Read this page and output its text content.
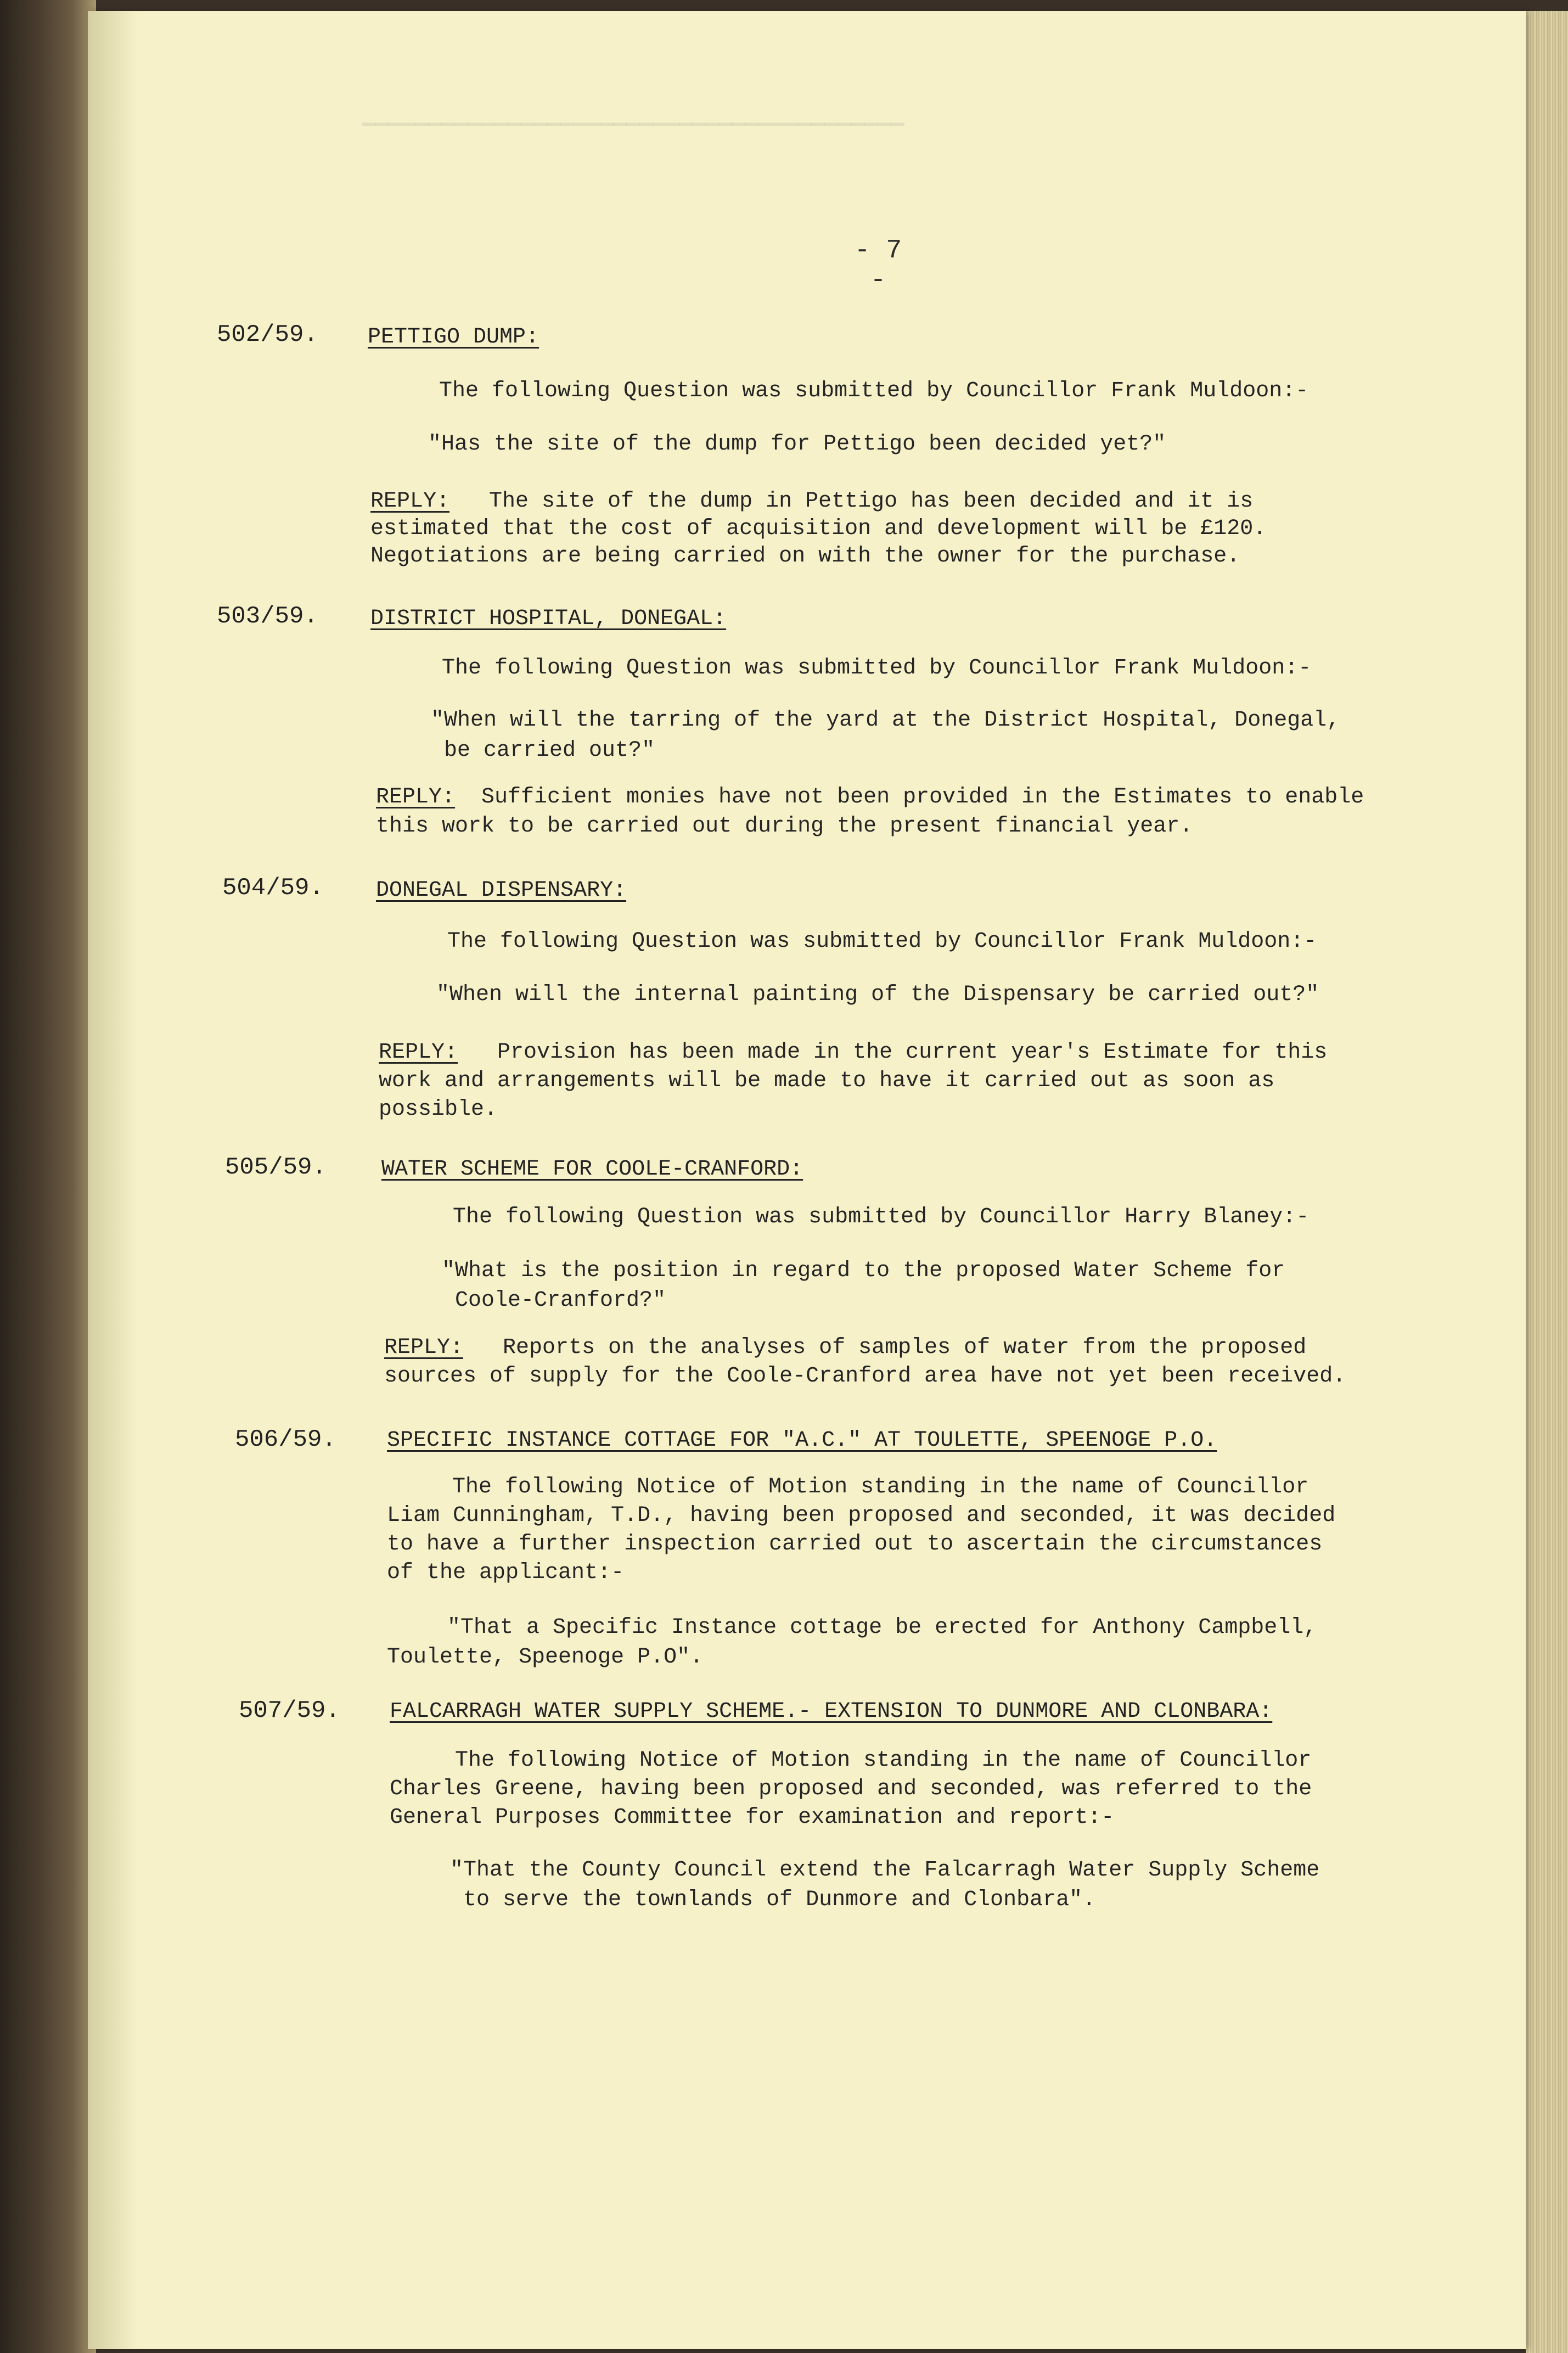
▔▔▔▔▔▔▔▔▔▔▔▔▔▔▔▔▔▔▔▔▔▔▔▔▔▔▔▔▔▔▔▔▔▔▔▔▔▔▔▔▔
- 7 -
502/59. PETTIGO DUMP:
The following Question was submitted by Councillor Frank Muldoon:-
"Has the site of the dump for Pettigo been decided yet?"
REPLY:   The site of the dump in Pettigo has been decided and it is
estimated that the cost of acquisition and development will be £120.
Negotiations are being carried on with the owner for the purchase.
503/59. DISTRICT HOSPITAL, DONEGAL:
The following Question was submitted by Councillor Frank Muldoon:-
"When will the tarring of the yard at the District Hospital, Donegal,
be carried out?"
REPLY:  Sufficient monies have not been provided in the Estimates to enable
this work to be carried out during the present financial year.
504/59. DONEGAL DISPENSARY:
The following Question was submitted by Councillor Frank Muldoon:-
"When will the internal painting of the Dispensary be carried out?"
REPLY:   Provision has been made in the current year's Estimate for this
work and arrangements will be made to have it carried out as soon as
possible.
505/59.	WATER SCHEME FOR COOLE-CRANFORD:
The following Question was submitted by Councillor Harry Blaney:-
"What is the position in regard to the proposed Water Scheme for
Coole-Cranford?"
REPLY:   Reports on the analyses of samples of water from the proposed
sources of supply for the Coole-Cranford area have not yet been received.
506/59. SPECIFIC INSTANCE COTTAGE FOR "A.C." AT TOULETTE, SPEENOGE P.O.
The following Notice of Motion standing in the name of Councillor
Liam Cunningham, T.D., having been proposed and seconded, it was decided
to have a further inspection carried out to ascertain the circumstances
of the applicant:-
"That a Specific Instance cottage be erected for Anthony Campbell,
Toulette, Speenoge P.O".
507/59. FALCARRAGH WATER SUPPLY SCHEME.- EXTENSION TO DUNMORE AND CLONBARA:
The following Notice of Motion standing in the name of Councillor
Charles Greene, having been proposed and seconded, was referred to the
General Purposes Committee for examination and report:-
"That the County Council extend the Falcarragh Water Supply Scheme
to serve the townlands of Dunmore and Clonbara".
